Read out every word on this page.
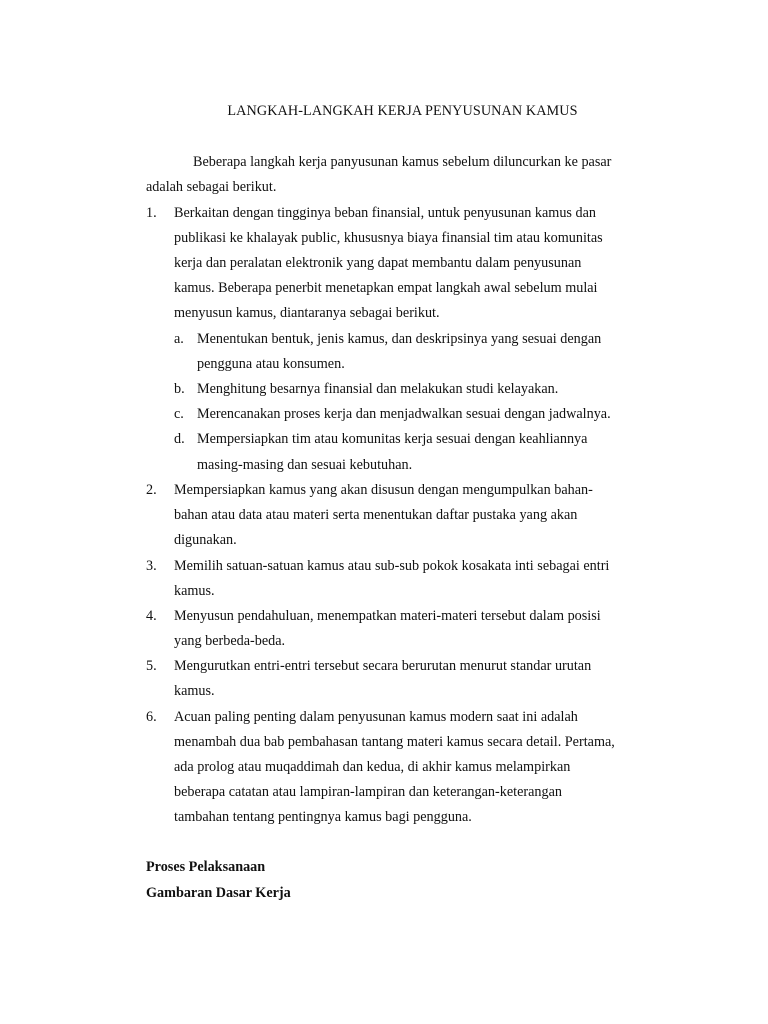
LANGKAH-LANGKAH KERJA PENYUSUNAN KAMUS
Beberapa langkah kerja panyusunan kamus sebelum diluncurkan ke pasar
adalah sebagai berikut.
1. Berkaitan dengan tingginya beban finansial, untuk penyusunan kamus dan
publikasi ke khalayak public, khususnya biaya finansial tim atau komunitas
kerja dan peralatan elektronik yang dapat membantu dalam penyusunan
kamus. Beberapa penerbit menetapkan empat langkah awal sebelum mulai
menyusun kamus, diantaranya sebagai berikut.
a. Menentukan bentuk, jenis kamus, dan deskripsinya yang sesuai dengan
pengguna atau konsumen.
b. Menghitung besarnya finansial dan melakukan studi kelayakan.
c. Merencanakan proses kerja dan menjadwalkan sesuai dengan jadwalnya.
d. Mempersiapkan tim atau komunitas kerja sesuai dengan keahliannya
masing-masing dan sesuai kebutuhan.
2. Mempersiapkan kamus yang akan disusun dengan mengumpulkan bahan-
bahan atau data atau materi serta menentukan daftar pustaka yang akan
digunakan.
3. Memilih satuan-satuan kamus atau sub-sub pokok kosakata inti sebagai entri
kamus.
4. Menyusun pendahuluan, menempatkan materi-materi tersebut dalam posisi
yang berbeda-beda.
5. Mengurutkan entri-entri tersebut secara berurutan menurut standar urutan
kamus.
6. Acuan paling penting dalam penyusunan kamus modern saat ini adalah
menambah dua bab pembahasan tantang materi kamus secara detail. Pertama,
ada prolog atau muqaddimah dan kedua, di akhir kamus melampirkan
beberapa catatan atau lampiran-lampiran dan keterangan-keterangan
tambahan tentang pentingnya kamus bagi pengguna.
Proses Pelaksanaan
Gambaran Dasar Kerja
